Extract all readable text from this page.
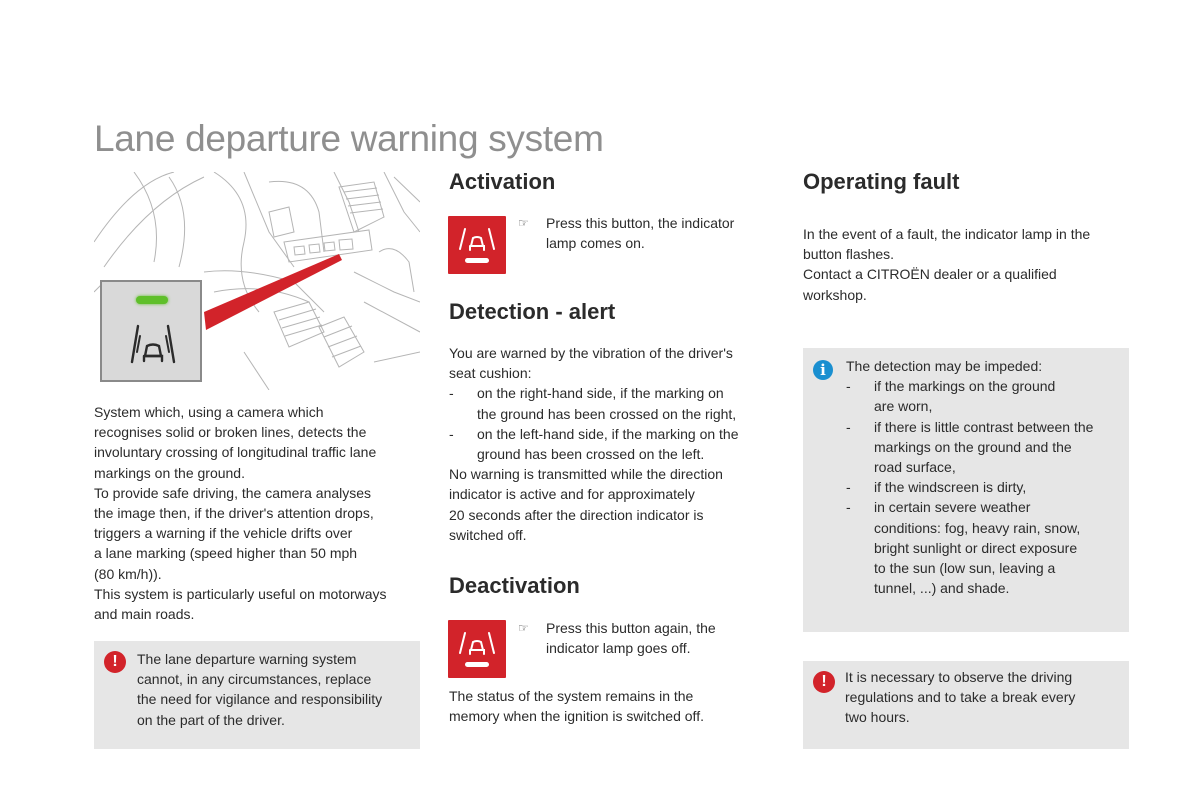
Lane departure warning system
System which, using a camera which
recognises solid or broken lines, detects the
involuntary crossing of longitudinal traffic lane
markings on the ground.
To provide safe driving, the camera analyses
the image then, if the driver's attention drops,
triggers a warning if the vehicle drifts over
a lane marking (speed higher than 50 mph
(80 km/h)).
This system is particularly useful on motorways
and main roads.
!	The lane departure warning system
cannot, in any circumstances, replace
the need for vigilance and responsibility
on the part of the driver.
Activation
☞ Press this button, the indicator
lamp comes on.
Detection - alert
You are warned by the vibration of the driver's
seat cushion:
-	on the right-hand side, if the marking on
the ground has been crossed on the right,
-	on the left-hand side, if the marking on the
ground has been crossed on the left.
No warning is transmitted while the direction
indicator is active and for approximately
20 seconds after the direction indicator is
switched off.
Deactivation
☞ Press this button again, the
indicator lamp goes off.
The status of the system remains in the
memory when the ignition is switched off.
Operating fault
In the event of a fault, the indicator lamp in the
button flashes.
Contact a CITROËN dealer or a qualified
workshop.
i	The detection may be impeded:
-	if the markings on the ground
are worn,
-	if there is little contrast between the
markings on the ground and the
road surface,
-	if the windscreen is dirty,
-	in certain severe weather
conditions: fog, heavy rain, snow,
bright sunlight or direct exposure
to the sun (low sun, leaving a
tunnel, ...) and shade.
!	It is necessary to observe the driving
regulations and to take a break every
two hours.
